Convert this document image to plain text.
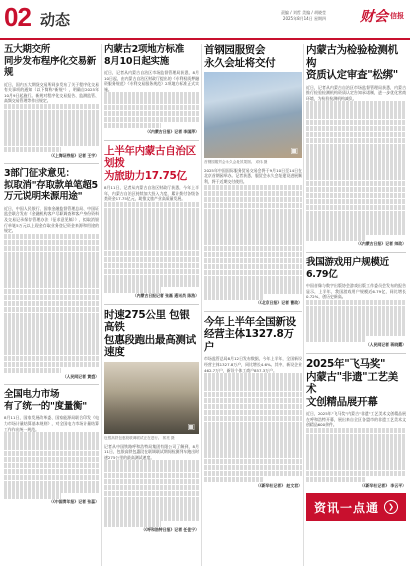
02 动态	责编 / 刘哲 美编 / 胡晓莹
2025年8月14日 星期四 财会 信报
五大期交所
同步发布程序化交易新规
近日，国内五大期货交易所同步发布了关于程序化交易有关事项的通知（以下简称"新规"），明确自2025年10月9日起施行。新规对程序化交易报告、监测监管、高频交易管理等作出规定。
（《上海证券报》记者 王宇）
3部门征求意见：
拟取消"存取款单笔超5万元说明来源用途"
近日，中国人民银行、国家金融监督管理总局、中国证监会联合发布《金融机构客户尽职调查和客户身份资料及交易记录保存管理办法（征求意见稿）》，拟取消银行单笔5万元以上现金存取业务登记资金来源和用途的规定。
（人民网记者 黄盛）
全国电力市场
有了统一的"度量衡"
8月11日，国家发展改革委、国家能源局联合印发《电力市场计量结算基本规则》，对全国电力市场计量结算工作作出统一规范。
（《中国青年报》记者 张蕊）
内蒙古2项地方标准
8月10日起实施
近日，记者从内蒙古自治区市场监督管理局获悉，8月10日起，由内蒙古自治区财政厅提出的《专利权质押融资服务规范》《专利交易服务规范》2项地方标准正式实施。
（《内蒙古日报》记者 李国萍）
上半年内蒙古自治区划拨
为旅助力17.75亿
8月11日，记者从内蒙古自治区财政厅获悉，今年上半年，内蒙古自治区持续加大投入力度，累计拨付各级各类资金17.75亿元，助推文旅产业高质量发展。
（内蒙古日报记者 张磊 通讯员 陈浩）
时速275公里 包银高铁
包惠段跑出最高测试速度
▣
包银高铁包惠段联调联试正在进行。 郭亮 摄
记者从中国铁路呼和浩特局集团有限公司了解到，8月11日，包银高铁包惠段在联调联试期间检测列车跑出时速275公里的最高测试速度。
（《呼和浩特日报》记者 任佳宁）
首钢园服贸会
永久会址将交付
▣
首钢园服贸会永久会址效果图。 邓伟 摄
2025年中国国际服务贸易交易会将于9月10日至14日在北京首钢园举办。记者获悉，服贸会永久会址建设进展顺利，将于近期交付使用。
（《北京日报》记者 曹政）
今年上半年全国新设
经营主体1327.8万户
市场监管总局8月12日发布数据，今年上半年，全国新设经营主体1327.8万户，同比增长4.6%。其中，新设企业462.7万户，新设个体工商户857.3万户。
（《新华社记者》 赵文君）
内蒙古为检验检测机构
资质认定审查"松绑"
近日，记者从内蒙古自治区市场监督管理局获悉，内蒙古推行检验检测机构资质认定告知承诺制，进一步优化营商环境，为检验检测机构减负。
（《内蒙古日报》记者 帅政）
我国游戏用户规模近6.79亿
中国音像与数字出版协会游戏出版工作委员会发布的报告显示，上半年，我国游戏用户规模近6.79亿，同比增长0.72%，创历史新高。
（人民网记者 蒋晓霞）
2025年"飞马奖"
内蒙古"非遗"工艺美术
文创精品展开幕
近日，2025年"飞马奖"内蒙古"非遗"工艺美术文创精品展在呼和浩特开幕，展出来自全区各盟市的非遗工艺美术文创精品600余件。
（《新华社记者》 李云平）
资讯一点通	❯
